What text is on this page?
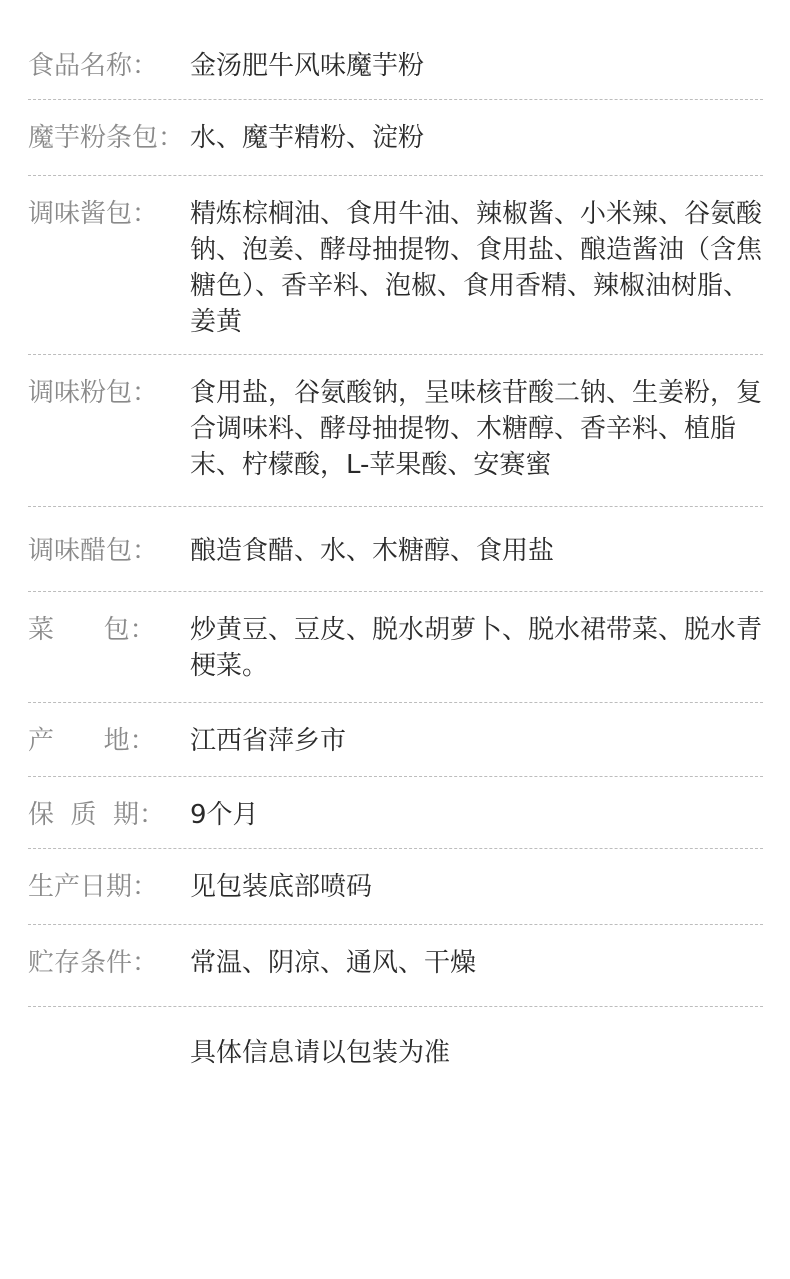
食品名称：	金汤肥牛风味魔芋粉
魔芋粉条包： 水、魔芋精粉、淀粉
调味酱包：	精炼棕榈油、食用牛油、辣椒酱、小米辣、谷氨酸钠、泡姜、酵母抽提物、食用盐、酿造酱油（含焦糖色）、香辛料、泡椒、食用香精、辣椒油树脂、姜黄
调味粉包：	食用盐，谷氨酸钠，呈味核苷酸二钠、生姜粉，复合调味料、酵母抽提物、木糖醇、香辛料、植脂末、柠檬酸，L-苹果酸、安赛蜜
调味醋包：	酿造食醋、水、木糖醇、食用盐
菜      包：	炒黄豆、豆皮、脱水胡萝卜、脱水裙带菜、脱水青梗菜。
产      地：	江西省萍乡市
保  质  期： 9个月
生产日期：	见包装底部喷码
贮存条件：	常温、阴凉、通风、干燥
具体信息请以包装为准
